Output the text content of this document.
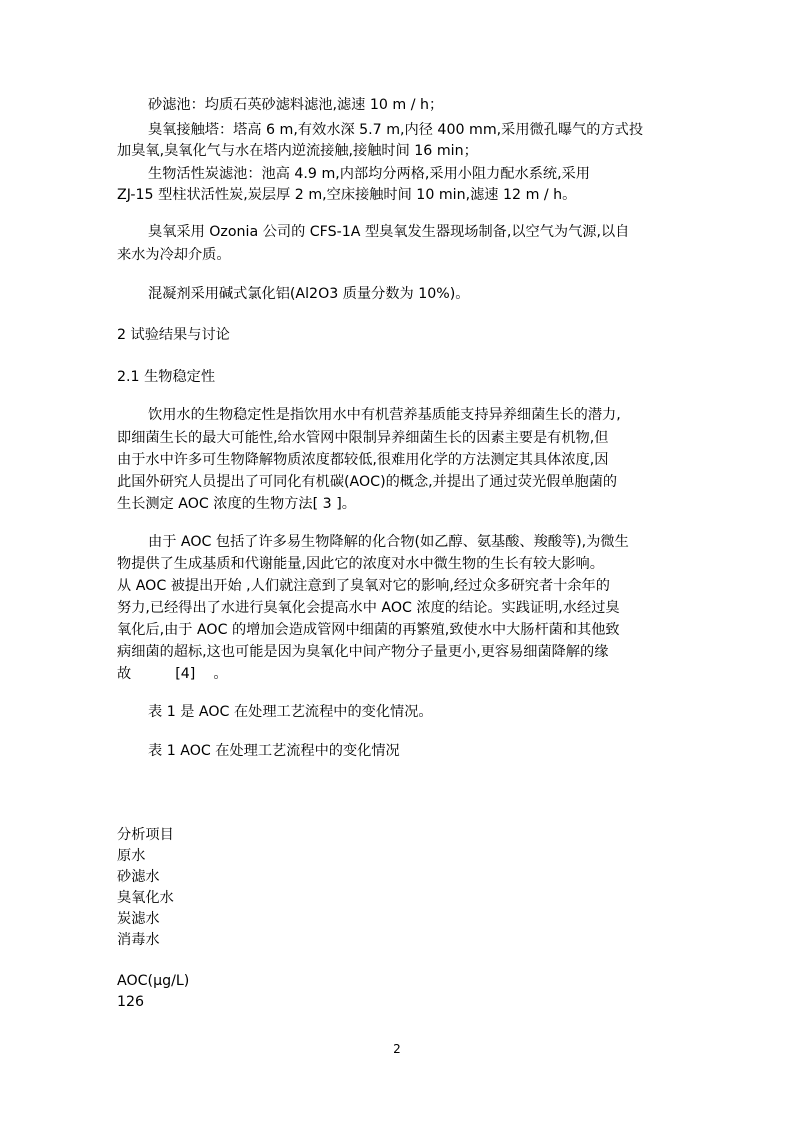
砂滤池：均质石英砂滤料滤池,滤速 10 m / h；
臭氧接触塔：塔高 6 m,有效水深 5.7 m,内径 400 mm,采用微孔曝气的方式投
加臭氧,臭氧化气与水在塔内逆流接触,接触时间 16 min；
生物活性炭滤池：池高 4.9 m,内部均分两格,采用小阻力配水系统,采用
ZJ-15 型柱状活性炭,炭层厚 2 m,空床接触时间 10 min,滤速 12 m / h。
臭氧采用 Ozonia 公司的 CFS-1A 型臭氧发生器现场制备,以空气为气源,以自
来水为冷却介质。
混凝剂采用碱式氯化铝(Al2O3 质量分数为 10%)。
2 试验结果与讨论
2.1 生物稳定性
饮用水的生物稳定性是指饮用水中有机营养基质能支持异养细菌生长的潜力,
即细菌生长的最大可能性,给水管网中限制异养细菌生长的因素主要是有机物,但
由于水中许多可生物降解物质浓度都较低,很难用化学的方法测定其具体浓度,因
此国外研究人员提出了可同化有机碳(AOC)的概念,并提出了通过荧光假单胞菌的
生长测定 AOC 浓度的生物方法[ 3 ]。
由于 AOC 包括了许多易生物降解的化合物(如乙醇、氨基酸、羧酸等),为微生
物提供了生成基质和代谢能量,因此它的浓度对水中微生物的生长有较大影响。
从 AOC 被提出开始 ,人们就注意到了臭氧对它的影响,经过众多研究者十余年的
努力,已经得出了水进行臭氧化会提高水中 AOC 浓度的结论。实践证明,水经过臭
氧化后,由于 AOC 的增加会造成管网中细菌的再繁殖,致使水中大肠杆菌和其他致
病细菌的超标,这也可能是因为臭氧化中间产物分子量更小,更容易细菌降解的缘
故	[4] 。
表 1 是 AOC 在处理工艺流程中的变化情况。
表 1 AOC 在处理工艺流程中的变化情况
分析项目
原水
砂滤水
臭氧化水
炭滤水
消毒水
AOC(μg/L)
126
2
